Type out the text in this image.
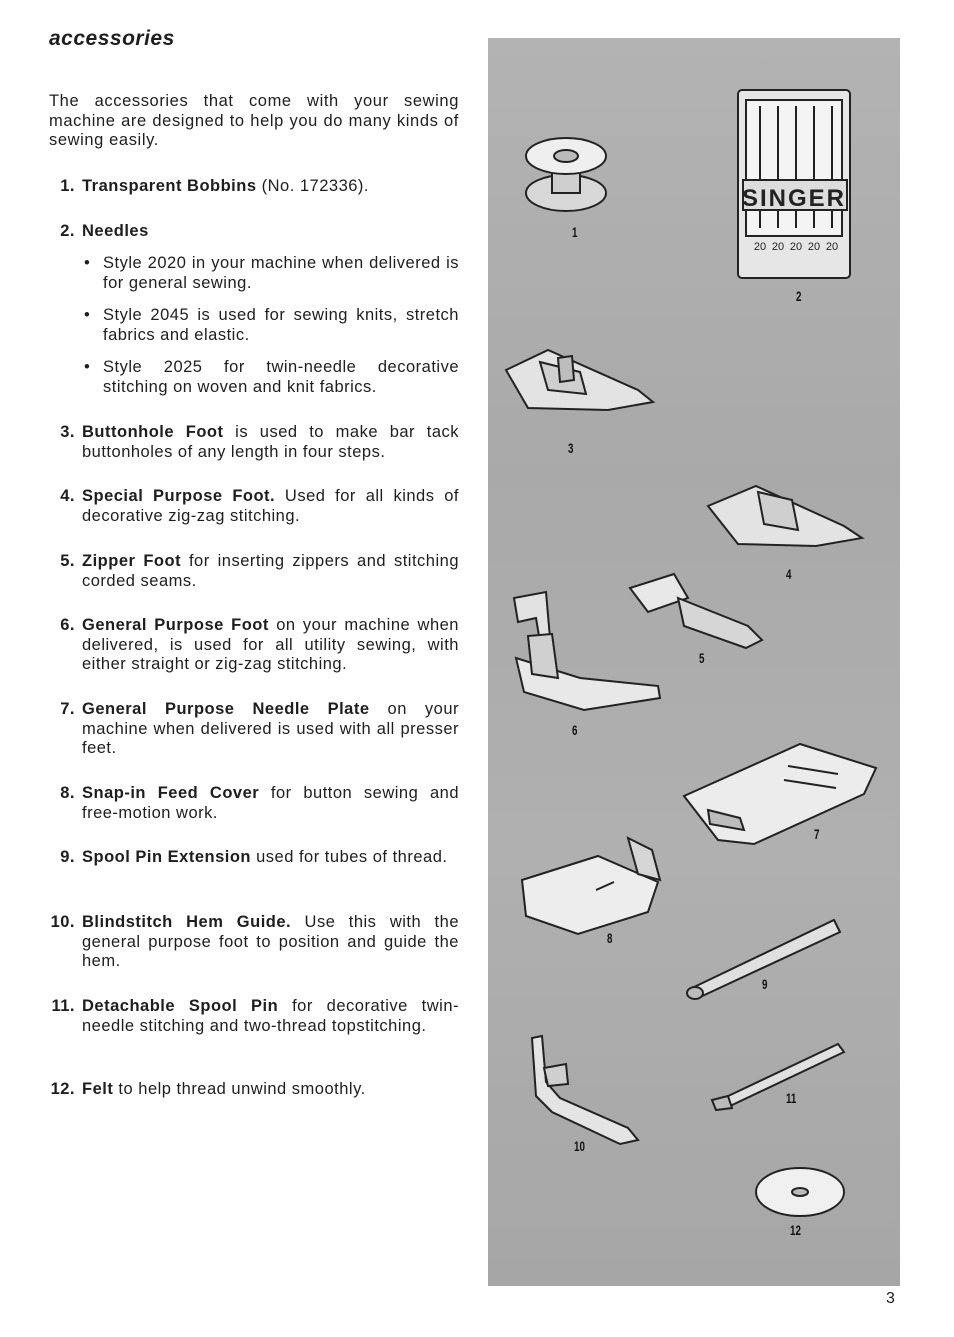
accessories
The accessories that come with your sewing machine are designed to help you do many kinds of sewing easily.
1. Transparent Bobbins (No. 172336).
2. Needles
• Style 2020 in your machine when delivered is for general sewing.
• Style 2045 is used for sewing knits, stretch fabrics and elastic.
• Style 2025 for twin-needle decorative stitching on woven and knit fabrics.
3. Buttonhole Foot is used to make bar tack buttonholes of any length in four steps.
4. Special Purpose Foot. Used for all kinds of decorative zig-zag stitching.
5. Zipper Foot for inserting zippers and stitching corded seams.
6. General Purpose Foot on your machine when delivered, is used for all utility sewing, with either straight or zig-zag stitching.
7. General Purpose Needle Plate on your machine when delivered is used with all presser feet.
8. Snap-in Feed Cover for button sewing and free-motion work.
9. Spool Pin Extension used for tubes of thread.
10. Blindstitch Hem Guide. Use this with the general purpose foot to position and guide the hem.
11. Detachable Spool Pin for decorative twin-needle stitching and two-thread topstitching.
12. Felt to help thread unwind smoothly.
SINGER
20 20 20 20 20
1
2
3
4
5
6
7
8
9
10
11
12
3
